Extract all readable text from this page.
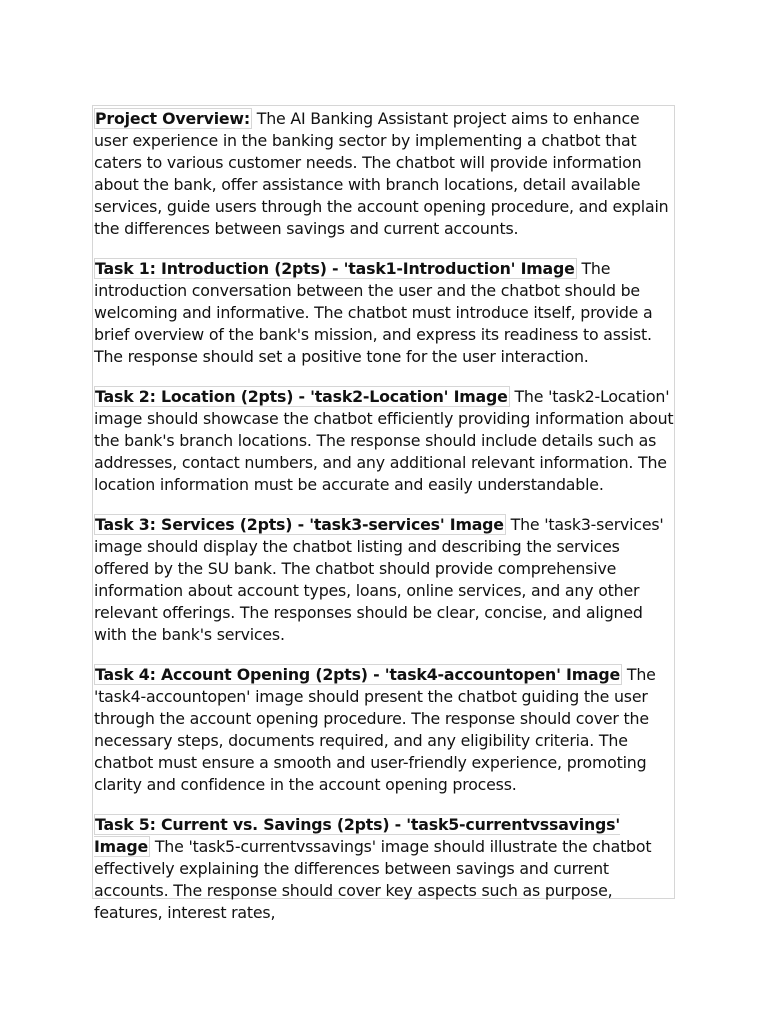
Project Overview: The AI Banking Assistant project aims to enhance user experience in the banking sector by implementing a chatbot that caters to various customer needs. The chatbot will provide information about the bank, offer assistance with branch locations, detail available services, guide users through the account opening procedure, and explain the differences between savings and current accounts.

Task 1: Introduction (2pts) - 'task1-Introduction' Image The introduction conversation between the user and the chatbot should be welcoming and informative. The chatbot must introduce itself, provide a brief overview of the bank's mission, and express its readiness to assist. The response should set a positive tone for the user interaction.

Task 2: Location (2pts) - 'task2-Location' Image The 'task2-Location' image should showcase the chatbot efficiently providing information about the bank's branch locations. The response should include details such as addresses, contact numbers, and any additional relevant information. The location information must be accurate and easily understandable.

Task 3: Services (2pts) - 'task3-services' Image The 'task3-services' image should display the chatbot listing and describing the services offered by the SU bank. The chatbot should provide comprehensive information about account types, loans, online services, and any other relevant offerings. The responses should be clear, concise, and aligned with the bank's services.

Task 4: Account Opening (2pts) - 'task4-accountopen' Image The 'task4-accountopen' image should present the chatbot guiding the user through the account opening procedure. The response should cover the necessary steps, documents required, and any eligibility criteria. The chatbot must ensure a smooth and user-friendly experience, promoting clarity and confidence in the account opening process.

Task 5: Current vs. Savings (2pts) - 'task5-currentvssavings' Image The 'task5-currentvssavings' image should illustrate the chatbot effectively explaining the differences between savings and current accounts. The response should cover key aspects such as purpose, features, interest rates,
